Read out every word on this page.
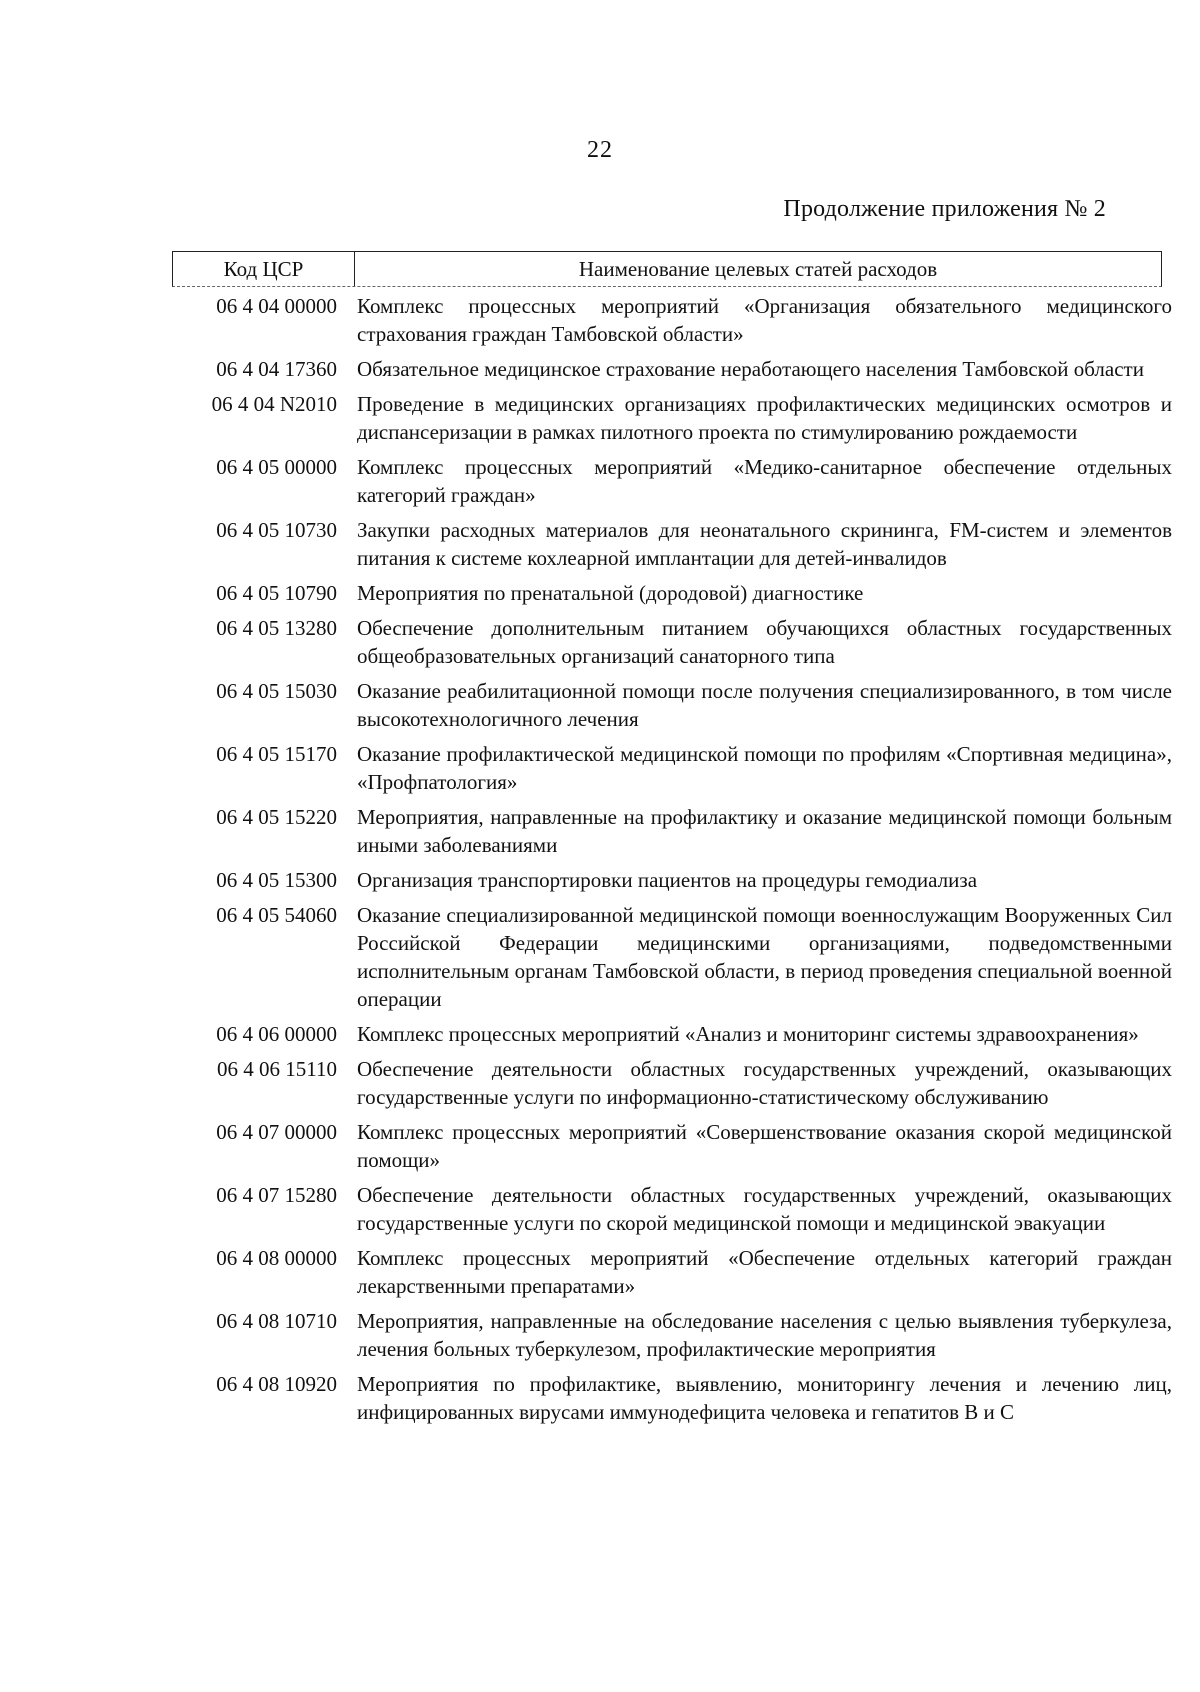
22
Продолжение приложения № 2
Код ЦСР	Наименование целевых статей расходов
06 4 04 00000 Комплекс процессных мероприятий «Организация обязательного медицинского страхования граждан Тамбовской области»
06 4 04 17360 Обязательное медицинское страхование неработающего населения Тамбовской области
06 4 04 N2010 Проведение в медицинских организациях профилактических медицинских осмотров и диспансеризации в рамках пилотного проекта по стимулированию рождаемости
06 4 05 00000 Комплекс процессных мероприятий «Медико-санитарное обеспечение отдельных категорий граждан»
06 4 05 10730 Закупки расходных материалов для неонатального скрининга, FM-систем и элементов питания к системе кохлеарной имплантации для детей-инвалидов
06 4 05 10790 Мероприятия по пренатальной (дородовой) диагностике
06 4 05 13280 Обеспечение дополнительным питанием обучающихся областных государственных общеобразовательных организаций санаторного типа
06 4 05 15030 Оказание реабилитационной помощи после получения специализированного, в том числе высокотехнологичного лечения
06 4 05 15170 Оказание профилактической медицинской помощи по профилям «Спортивная медицина», «Профпатология»
06 4 05 15220 Мероприятия, направленные на профилактику и оказание медицинской помощи больным иными заболеваниями
06 4 05 15300 Организация транспортировки пациентов на процедуры гемодиализа
06 4 05 54060 Оказание специализированной медицинской помощи военнослужащим Вооруженных Сил Российской Федерации медицинскими организациями, подведомственными исполнительным органам Тамбовской области, в период проведения специальной военной операции
06 4 06 00000 Комплекс процессных мероприятий «Анализ и мониторинг системы здравоохранения»
06 4 06 15110 Обеспечение деятельности областных государственных учреждений, оказывающих государственные услуги по информационно-статистическому обслуживанию
06 4 07 00000 Комплекс процессных мероприятий «Совершенствование оказания скорой медицинской помощи»
06 4 07 15280 Обеспечение деятельности областных государственных учреждений, оказывающих государственные услуги по скорой медицинской помощи и медицинской эвакуации
06 4 08 00000 Комплекс процессных мероприятий «Обеспечение отдельных категорий граждан лекарственными препаратами»
06 4 08 10710 Мероприятия, направленные на обследование населения с целью выявления туберкулеза, лечения больных туберкулезом, профилактические мероприятия
06 4 08 10920 Мероприятия по профилактике, выявлению, мониторингу лечения и лечению лиц, инфицированных вирусами иммунодефицита человека и гепатитов B и C
